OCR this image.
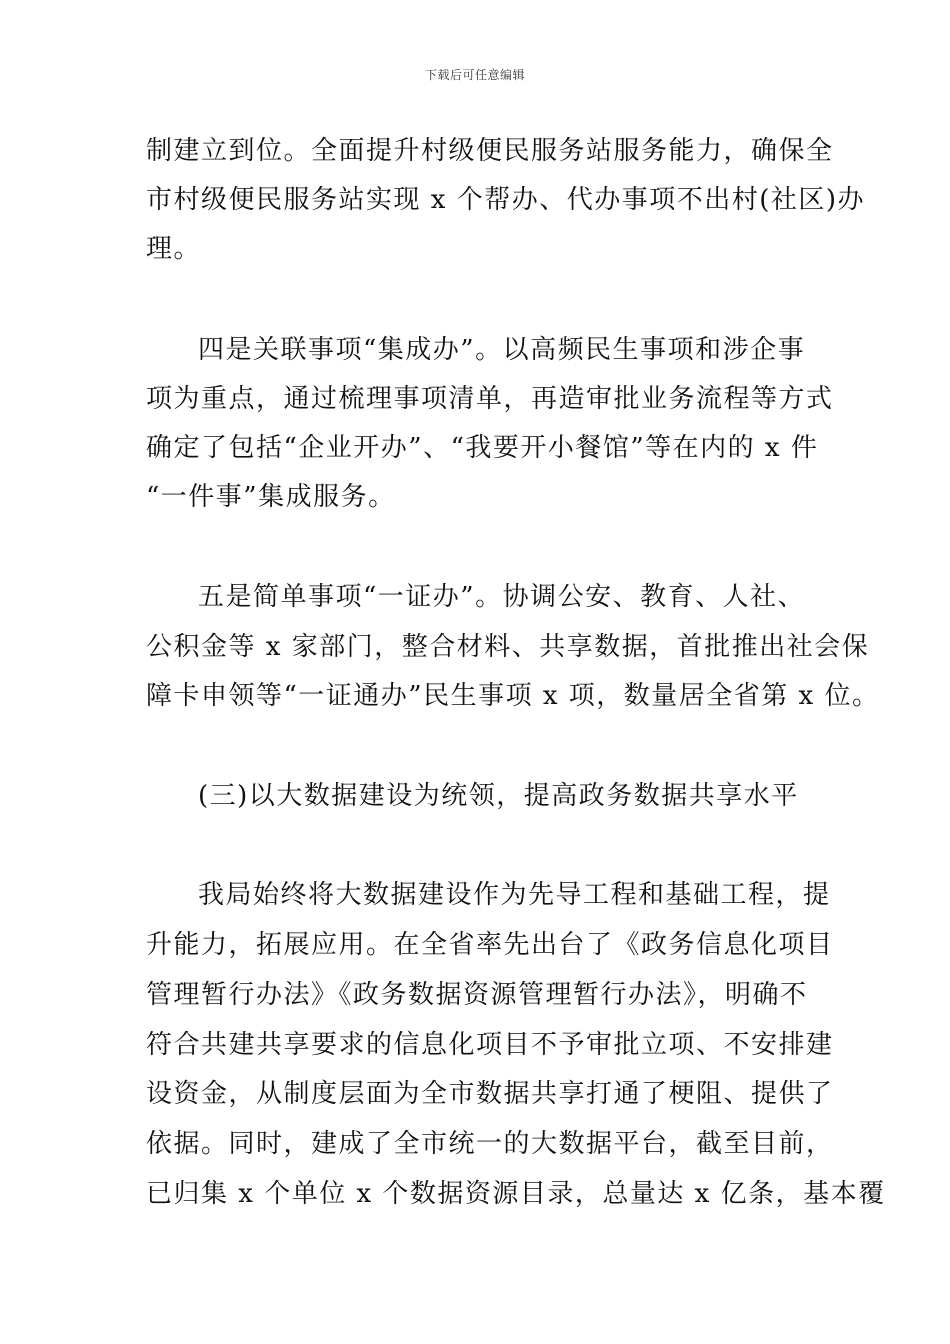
下载后可任意编辑
制建立到位。全面提升村级便民服务站服务能力，确保全
市村级便民服务站实现 x 个帮办、代办事项不出村(社区)办
理。
四是关联事项“集成办”。以高频民生事项和涉企事
项为重点，通过梳理事项清单，再造审批业务流程等方式
确定了包括“企业开办”、“我要开小餐馆”等在内的 x 件
“一件事”集成服务。
五是简单事项“一证办”。协调公安、教育、人社、
公积金等 x 家部门，整合材料、共享数据，首批推出社会保
障卡申领等“一证通办”民生事项 x 项，数量居全省第 x 位。
(三)以大数据建设为统领，提高政务数据共享水平
我局始终将大数据建设作为先导工程和基础工程，提
升能力，拓展应用。在全省率先出台了《政务信息化项目
管理暂行办法》《政务数据资源管理暂行办法》，明确不
符合共建共享要求的信息化项目不予审批立项、不安排建
设资金，从制度层面为全市数据共享打通了梗阻、提供了
依据。同时，建成了全市统一的大数据平台，截至目前，
已归集 x 个单位 x 个数据资源目录，总量达 x 亿条，基本覆
